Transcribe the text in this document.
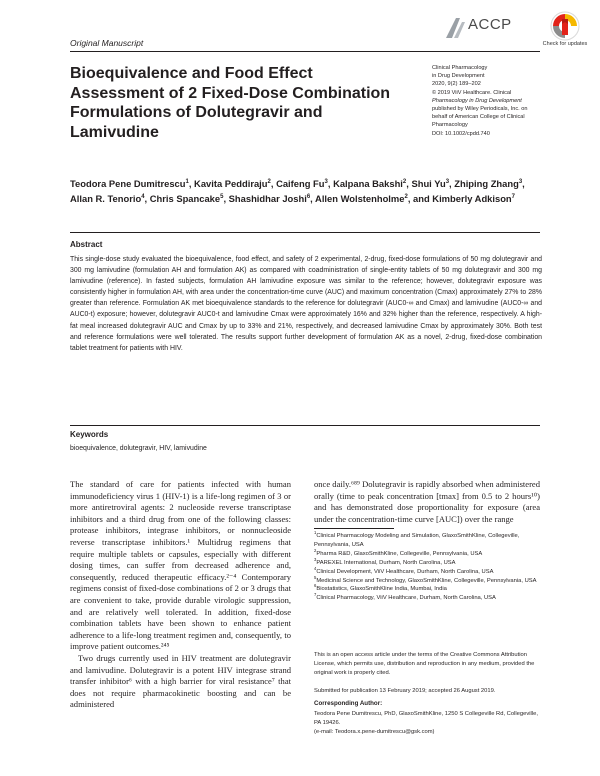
Original Manuscript
ACCP
Check for updates
Bioequivalence and Food Effect Assessment of 2 Fixed-Dose Combination Formulations of Dolutegravir and Lamivudine
Clinical Pharmacology
in Drug Development
2020, 9(2) 189–202
© 2019 ViiV Healthcare. Clinical
Pharmacology in Drug Development
published by Wiley Periodicals, Inc. on
behalf of American College of Clinical
Pharmacology
DOI: 10.1002/cpdd.740
Teodora Pene Dumitrescu$^1$, Kavita Peddiraju$^2$, Caifeng Fu$^3$, Kalpana Bakshi$^2$, Shui Yu$^3$, Zhiping Zhang$^3$, Allan R. Tenorio$^4$, Chris Spancake$^5$, Shashidhar Joshi$^6$, Allen Wolstenholme$^2$, and Kimberly Adkison$^7$
Abstract
This single-dose study evaluated the bioequivalence, food effect, and safety of 2 experimental, 2-drug, fixed-dose formulations of 50 mg dolutegravir and 300 mg lamivudine (formulation AH and formulation AK) as compared with coadministration of single-entity tablets of 50 mg dolutegravir and 300 mg lamivudine (reference). In fasted subjects, formulation AH lamivudine exposure was similar to the reference; however, dolutegravir exposure was consistently higher in formulation AH, with area under the concentration-time curve (AUC) and maximum concentration (Cmax) approximately 27% to 28% greater than reference. Formulation AK met bioequivalence standards to the reference for dolutegravir (AUC0-∞ and Cmax) and lamivudine (AUC0-∞ and AUC0-t) exposure; however, dolutegravir AUC0-t and lamivudine Cmax were approximately 16% and 32% higher than the reference, respectively. A high-fat meal increased dolutegravir AUC and Cmax by up to 33% and 21%, respectively, and decreased lamivudine Cmax by approximately 30%. Both test and reference formulations were well tolerated. The results support further development of formulation AK as a novel, 2-drug, fixed-dose combination tablet treatment for patients with HIV.
Keywords
bioequivalence, dolutegravir, HIV, lamivudine

The standard of care for patients infected with human immunodeficiency virus 1 (HIV-1) is a life-long regimen of 3 or more antiretroviral agents: 2 nucleoside reverse transcriptase inhibitors and a third drug from one of the following classes: protease inhibitors, integrase inhibitors, or nonnucleoside reverse transcriptase inhibitors.¹ Multidrug regimens that require multiple tablets or capsules, especially with different dosing times, can suffer from decreased adherence and, consequently, reduced therapeutic efficacy.²⁻⁴ Contemporary regimens consist of fixed-dose combinations of 2 or 3 drugs that are convenient to take, provide durable virologic suppression, and are relatively well tolerated. In addition, fixed-dose combination tablets have been shown to enhance patient adherence to a life-long treatment regimen and, consequently, to improve patient outcomes.²⁴⁵

Two drugs currently used in HIV treatment are dolutegravir and lamivudine. Dolutegravir is a potent HIV integrase strand transfer inhibitor⁶ with a high barrier for viral resistance⁷ that does not require pharmacokinetic boosting and can be administered

once daily.⁶⁸⁹ Dolutegravir is rapidly absorbed when administered orally (time to peak concentration [tmax] from 0.5 to 2 hours¹⁰) and has demonstrated dose proportionality for exposure (area under the concentration-time curve [AUC]) over the range
$^1$Clinical Pharmacology Modeling and Simulation, GlaxoSmithKline, Collegeville, Pennsylvania, USA
$^2$Pharma R&D, GlaxoSmithKline, Collegeville, Pennsylvania, USA
$^3$PAREXEL International, Durham, North Carolina, USA
$^4$Clinical Development, ViiV Healthcare, Durham, North Carolina, USA
$^5$Medicinal Science and Technology, GlaxoSmithKline, Collegeville, Pennsylvania, USA
$^6$Biostatistics, GlaxoSmithKline India, Mumbai, India
$^7$Clinical Pharmacology, ViiV Healthcare, Durham, North Carolina, USA
This is an open access article under the terms of the Creative Commons Attribution License, which permits use, distribution and reproduction in any medium, provided the original work is properly cited.
Submitted for publication 13 February 2019; accepted 26 August 2019.
Corresponding Author:
Teodora Pene Dumitrescu, PhD, GlaxoSmithKline, 1250 S Collegeville Rd, Collegeville, PA 19426.
(e-mail: Teodora.x.pene-dumitrescu@gsk.com)
